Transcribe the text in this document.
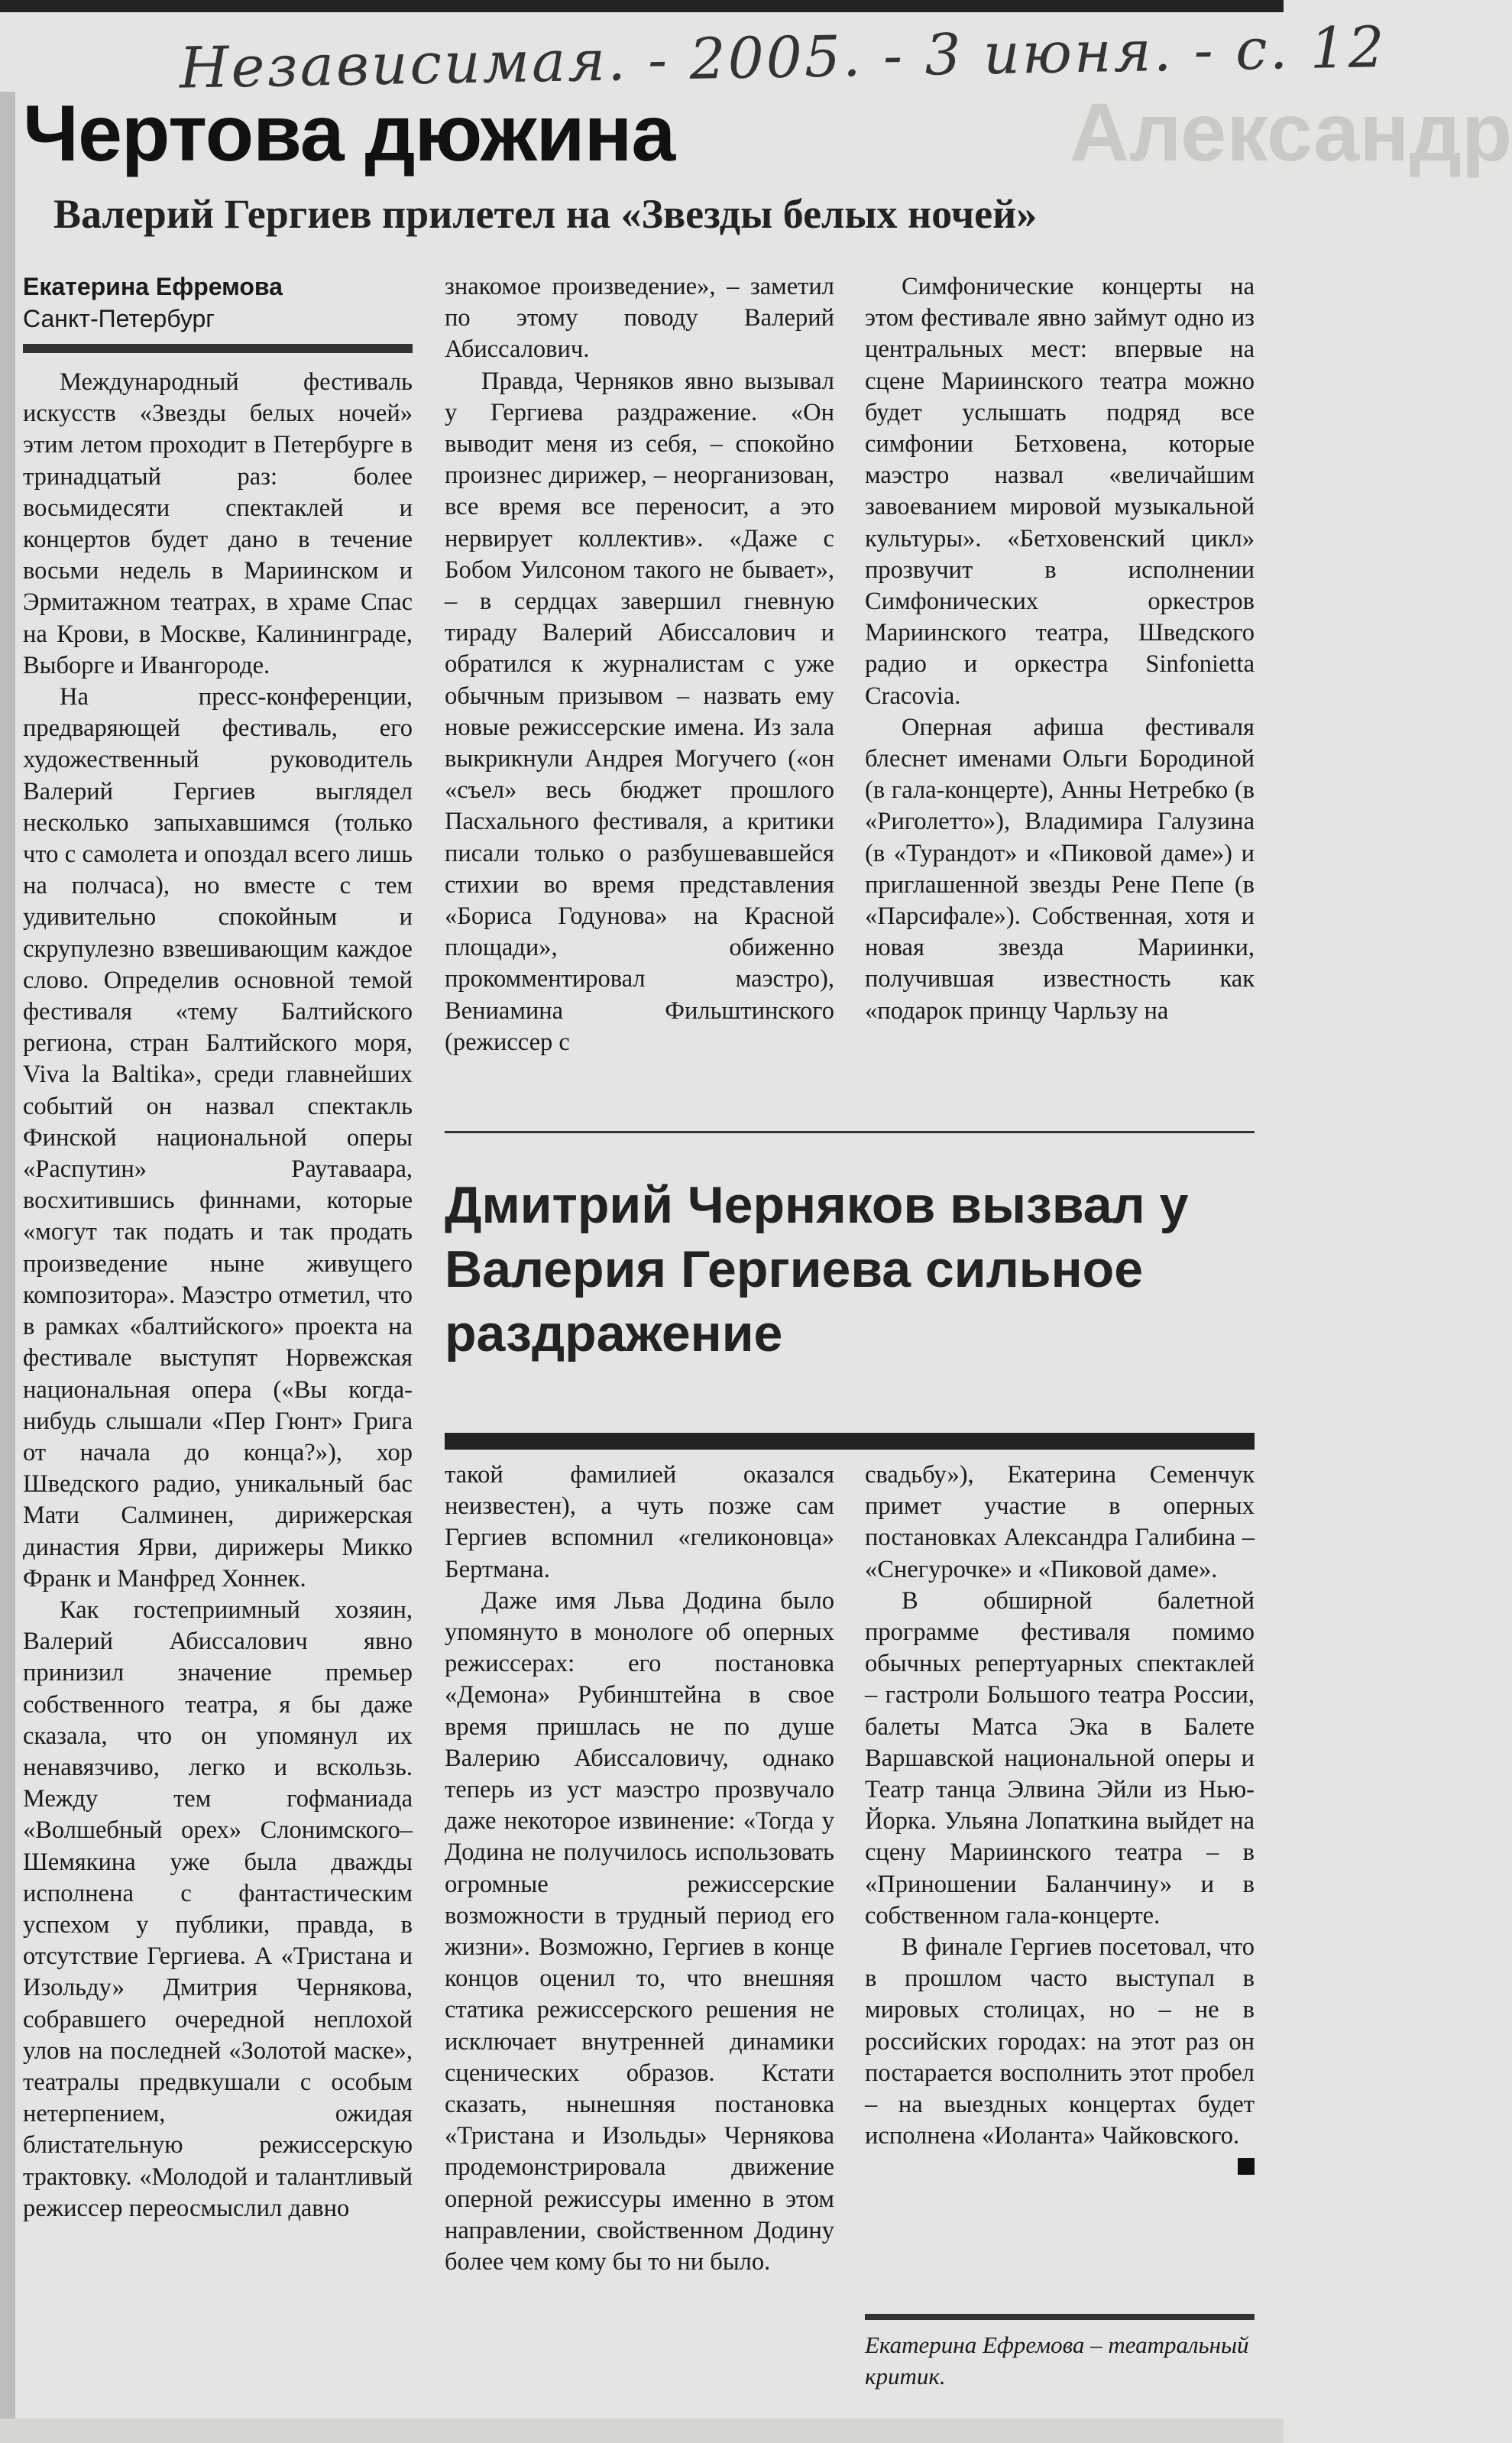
Независимая. - 2005. - 3 июня. - с. 12
Александр
Чертова дюжина
Валерий Гергиев прилетел на «Звезды белых ночей»
Екатерина Ефремова
Санкт-Петербург

Международный фестиваль искусств «Звезды белых ночей» этим летом проходит в Петербурге в тринадцатый раз: более восьмидесяти спектаклей и концертов будет дано в течение восьми недель в Мариинском и Эрмитажном театрах, в храме Спас на Крови, в Москве, Калининграде, Выборге и Ивангороде.

На пресс-конференции, предваряющей фестиваль, его художественный руководитель Валерий Гергиев выглядел несколько запыхавшимся (только что с самолета и опоздал всего лишь на полчаса), но вместе с тем удивительно спокойным и скрупулезно взвешивающим каждое слово. Определив основной темой фестиваля «тему Балтийского региона, стран Балтийского моря, Viva la Baltika», среди главнейших событий он назвал спектакль Финской национальной оперы «Распутин» Раутаваара, восхитившись финнами, которые «могут так подать и так продать произведение ныне живущего композитора». Маэстро отметил, что в рамках «балтийского» проекта на фестивале выступят Норвежская национальная опера («Вы когда-нибудь слышали «Пер Гюнт» Грига от начала до конца?»), хор Шведского радио, уникальный бас Мати Салминен, дирижерская династия Ярви, дирижеры Микко Франк и Манфред Хоннек.

Как гостеприимный хозяин, Валерий Абиссалович явно принизил значение премьер собственного театра, я бы даже сказала, что он упомянул их ненавязчиво, легко и вскользь. Между тем гофманиада «Волшебный орех» Слонимского–Шемякина уже была дважды исполнена с фантастическим успехом у публики, правда, в отсутствие Гергиева. А «Тристана и Изольду» Дмитрия Чернякова, собравшего очередной неплохой улов на последней «Золотой маске», театралы предвкушали с особым нетерпением, ожидая блистательную режиссерскую трактовку. «Молодой и талантливый режиссер переосмыслил давно

знакомое произведение», – заметил по этому поводу Валерий Абиссалович.

Правда, Черняков явно вызывал у Гергиева раздражение. «Он выводит меня из себя, – спокойно произнес дирижер, – неорганизован, все время все переносит, а это нервирует коллектив». «Даже с Бобом Уилсоном такого не бывает», – в сердцах завершил гневную тираду Валерий Абиссалович и обратился к журналистам с уже обычным призывом – назвать ему новые режиссерские имена. Из зала выкрикнули Андрея Могучего («он «съел» весь бюджет прошлого Пасхального фестиваля, а критики писали только о разбушевавшейся стихии во время представления «Бориса Годунова» на Красной площади», обиженно прокомментировал маэстро), Вениамина Фильштинского (режиссер с

Симфонические концерты на этом фестивале явно займут одно из центральных мест: впервые на сцене Мариинского театра можно будет услышать подряд все симфонии Бетховена, которые маэстро назвал «величайшим завоеванием мировой музыкальной культуры». «Бетховенский цикл» прозвучит в исполнении Симфонических оркестров Мариинского театра, Шведского радио и оркестра Sinfonietta Cracovia.

Оперная афиша фестиваля блеснет именами Ольги Бородиной (в гала-концерте), Анны Нетребко (в «Риголетто»), Владимира Галузина (в «Турандот» и «Пиковой даме») и приглашенной звезды Рене Пепе (в «Парсифале»). Собственная, хотя и новая звезда Мариинки, получившая известность как «подарок принцу Чарльзу на

Дмитрий Черняков вызвал у Валерия Гергиева сильное раздражение

такой фамилией оказался неизвестен), а чуть позже сам Гергиев вспомнил «геликоновца» Бертмана.

Даже имя Льва Додина было упомянуто в монологе об оперных режиссерах: его постановка «Демона» Рубинштейна в свое время пришлась не по душе Валерию Абиссаловичу, однако теперь из уст маэстро прозвучало даже некоторое извинение: «Тогда у Додина не получилось использовать огромные режиссерские возможности в трудный период его жизни». Возможно, Гергиев в конце концов оценил то, что внешняя статика режиссерского решения не исключает внутренней динамики сценических образов. Кстати сказать, нынешняя постановка «Тристана и Изольды» Чернякова продемонстрировала движение оперной режиссуры именно в этом направлении, свойственном Додину более чем кому бы то ни было.

свадьбу»), Екатерина Семенчук примет участие в оперных постановках Александра Галибина – «Снегурочке» и «Пиковой даме».

В обширной балетной программе фестиваля помимо обычных репертуарных спектаклей – гастроли Большого театра России, балеты Матса Эка в Балете Варшавской национальной оперы и Театр танца Элвина Эйли из Нью-Йорка. Ульяна Лопаткина выйдет на сцену Мариинского театра – в «Приношении Баланчину» и в собственном гала-концерте.

В финале Гергиев посетовал, что в прошлом часто выступал в мировых столицах, но – не в российских городах: на этот раз он постарается восполнить этот пробел – на выездных концертах будет исполнена «Иоланта» Чайковского.

Екатерина Ефремова – театральный критик.
